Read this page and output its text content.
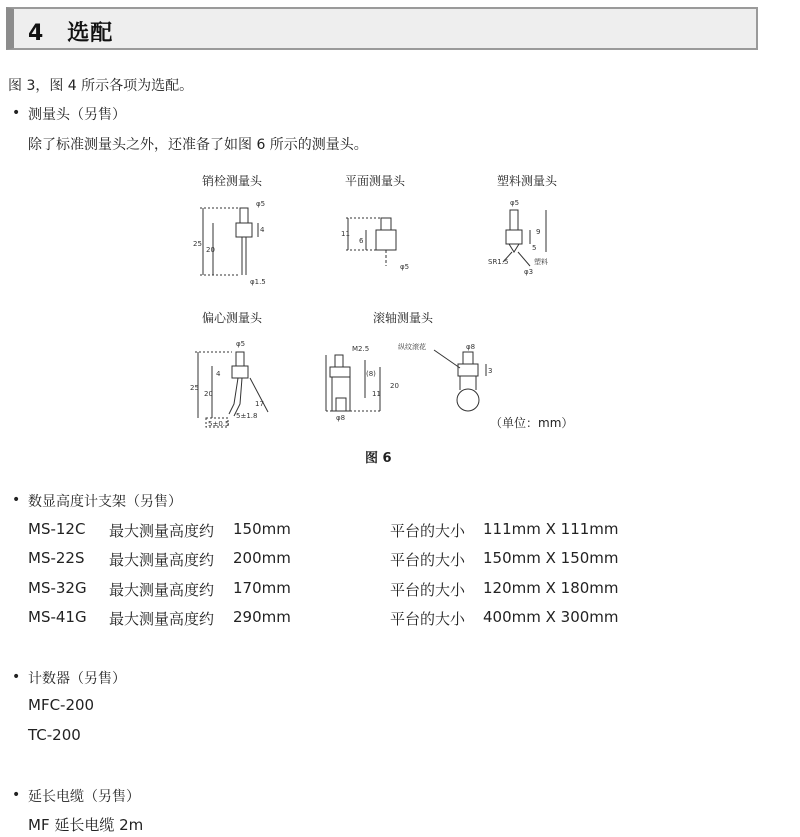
4　选配
图 3，图 4 所示各项为选配。
• 测量头（另售）
除了标准测量头之外，还准备了如图 6 所示的测量头。
销栓测量头	平面测量头	塑料测量头
偏心测量头	滚轴测量头
（单位：mm）
图 6
φ5
φ1.5
25
20
4	11
6
φ5
φ5
9
5
SR1.5
φ3
塑料
φ5
25
20
4
17
5±1.8
5±0.5
M2.5	纵纹滚花	φ8
φ8
(8)
11
20
3
• 数显高度计支架（另售）
MS-12C 最大测量高度约 150mm	平台的大小 111mm X 111mm
MS-22S 最大测量高度约 200mm	平台的大小 150mm X 150mm
MS-32G 最大测量高度约 170mm	平台的大小 120mm X 180mm
MS-41G 最大测量高度约 290mm	平台的大小 400mm X 300mm
• 计数器（另售）
MFC-200
TC-200
• 延长电缆（另售）
MF 延长电缆 2m
